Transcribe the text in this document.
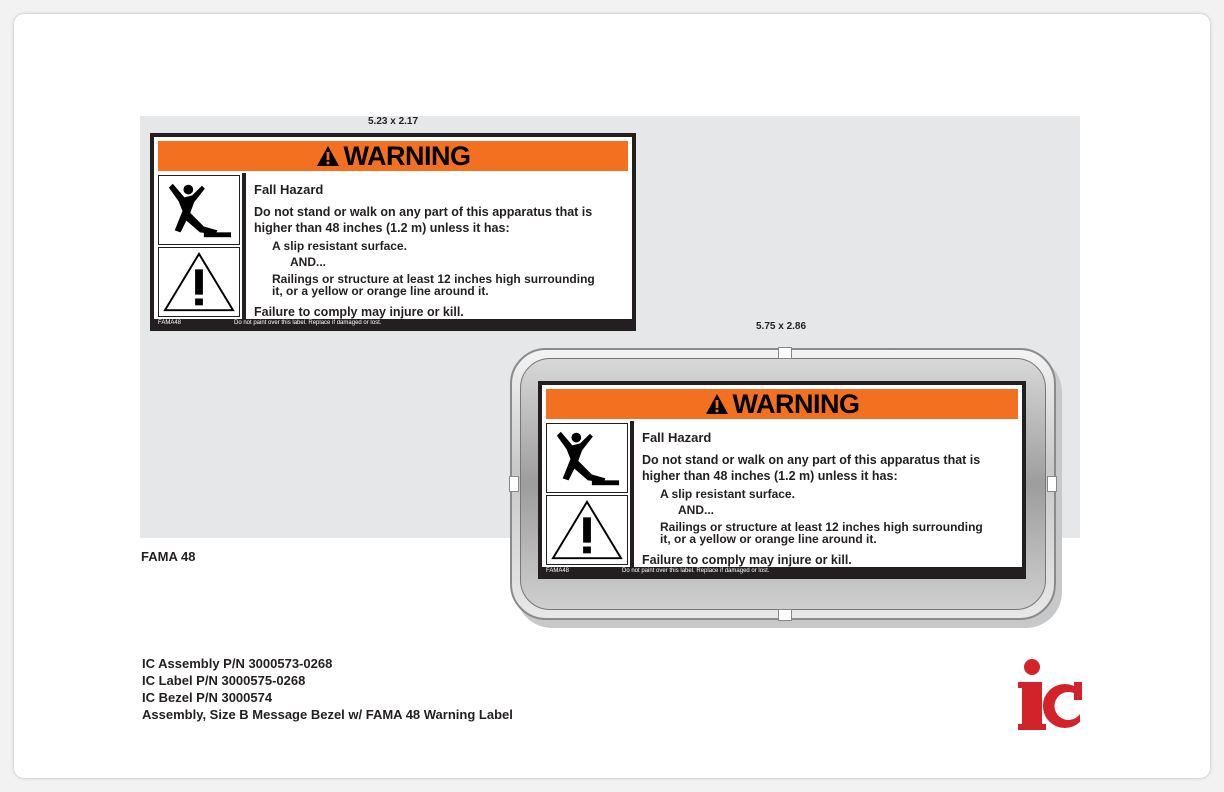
5.23 x 2.17
WARNING
Fall Hazard
Do not stand or walk on any part of this apparatus that is
higher than 48 inches (1.2 m) unless it has:
A slip resistant surface.
AND...
Railings or structure at least 12 inches high surrounding
it, or a yellow or orange line around it.
Failure to comply may injure or kill.
FAMA48	Do not paint over this label. Replace if damaged or lost.	5.75 x 2.86
WARNING
Fall Hazard
Do not stand or walk on any part of this apparatus that is
higher than 48 inches (1.2 m) unless it has:
A slip resistant surface.
AND...
Railings or structure at least 12 inches high surrounding
it, or a yellow or orange line around it.
Failure to comply may injure or kill.
FAMA48	Do not paint over this label. Replace if damaged or lost.
FAMA 48
IC Assembly P/N 3000573-0268
IC Label P/N 3000575-0268
IC Bezel P/N 3000574
Assembly, Size B Message Bezel w/ FAMA 48 Warning Label
